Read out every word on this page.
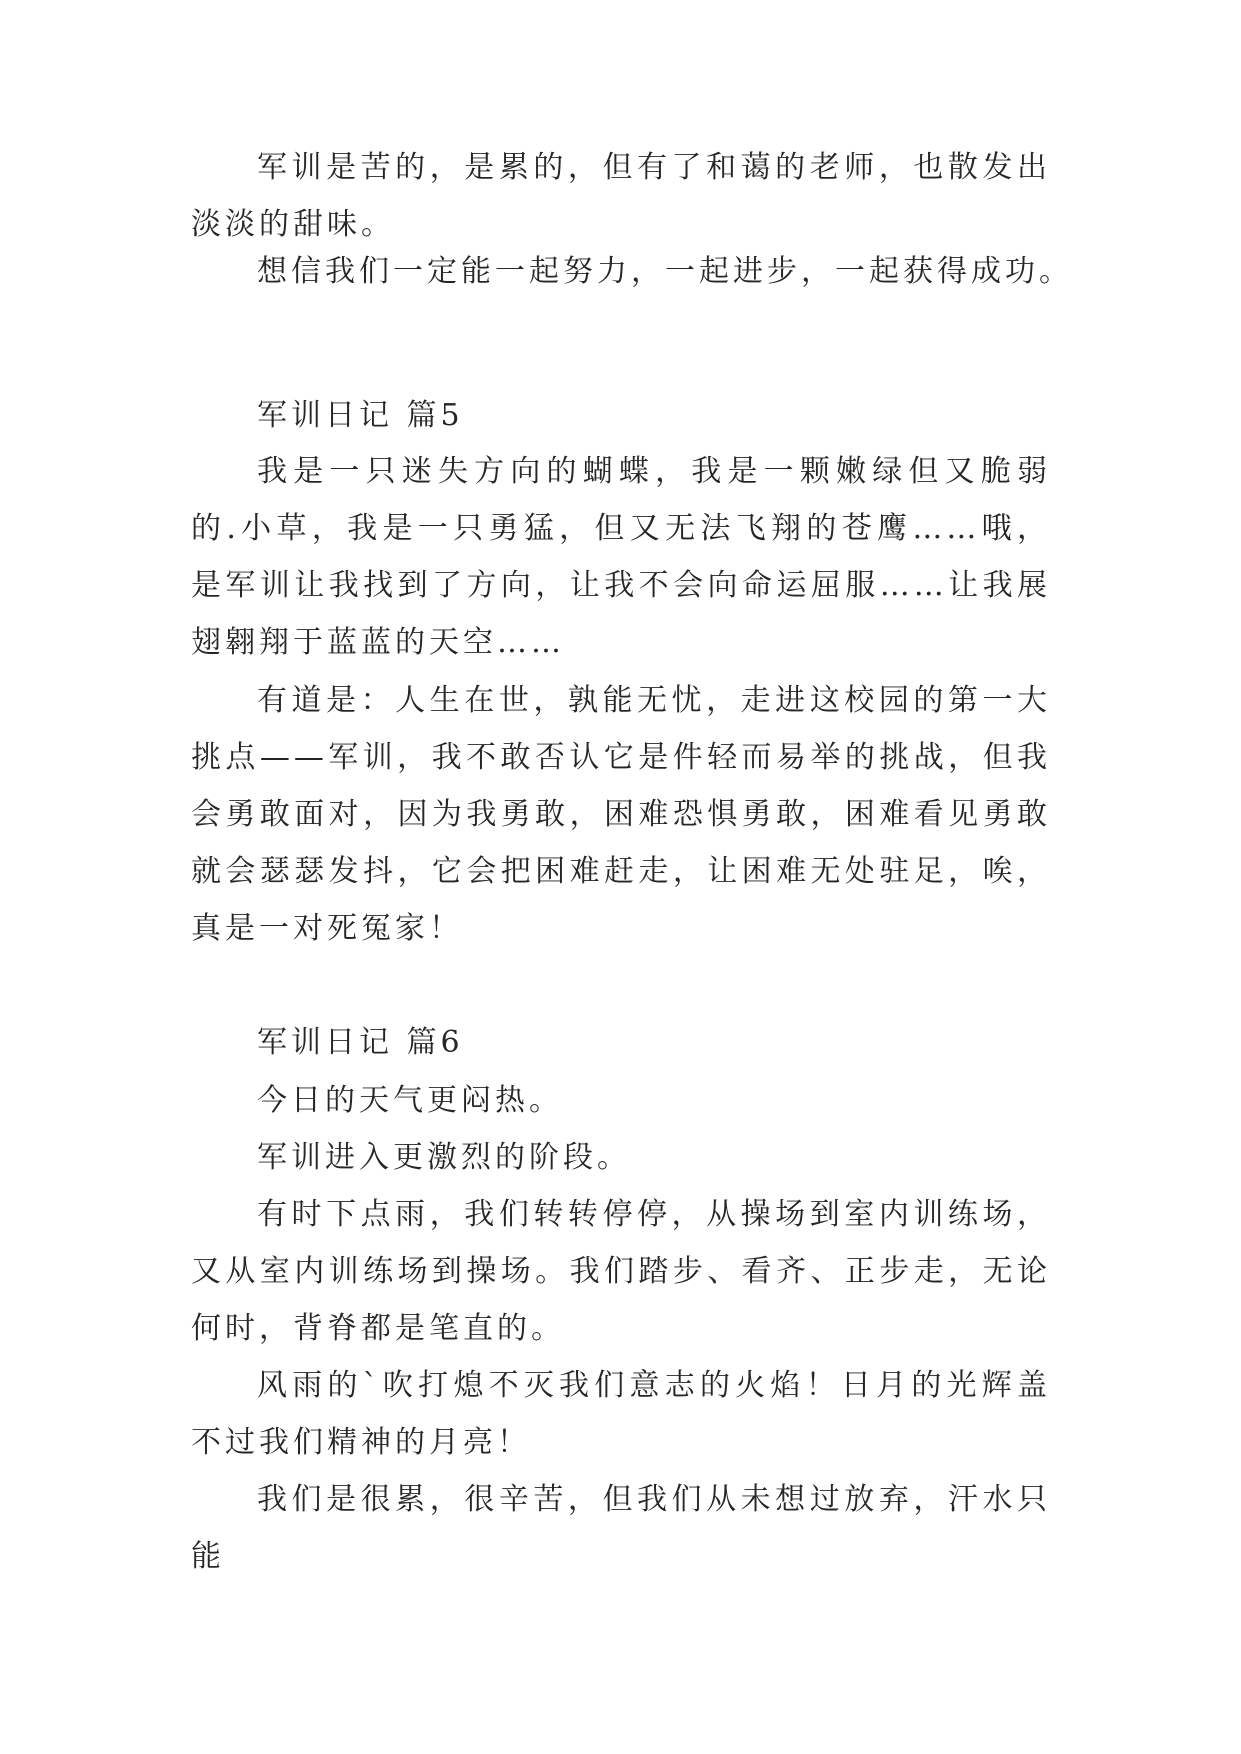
军训是苦的，是累的，但有了和蔼的老师，也散发出淡淡的甜味。

想信我们一定能一起努力，一起进步，一起获得成功。

军训日记 篇5

我是一只迷失方向的蝴蝶，我是一颗嫩绿但又脆弱的.小草，我是一只勇猛，但又无法飞翔的苍鹰……哦，是军训让我找到了方向，让我不会向命运屈服……让我展翅翱翔于蓝蓝的天空……

有道是：人生在世，孰能无忧，走进这校园的第一大挑点——军训，我不敢否认它是件轻而易举的挑战，但我会勇敢面对，因为我勇敢，困难恐惧勇敢，困难看见勇敢就会瑟瑟发抖，它会把困难赶走，让困难无处驻足，唉，真是一对死冤家！

军训日记 篇6

今日的天气更闷热。

军训进入更激烈的阶段。

有时下点雨，我们转转停停，从操场到室内训练场，又从室内训练场到操场。我们踏步、看齐、正步走，无论何时，背脊都是笔直的。

风雨的`吹打熄不灭我们意志的火焰！日月的光辉盖不过我们精神的月亮！

我们是很累，很辛苦，但我们从未想过放弃，汗水只能
